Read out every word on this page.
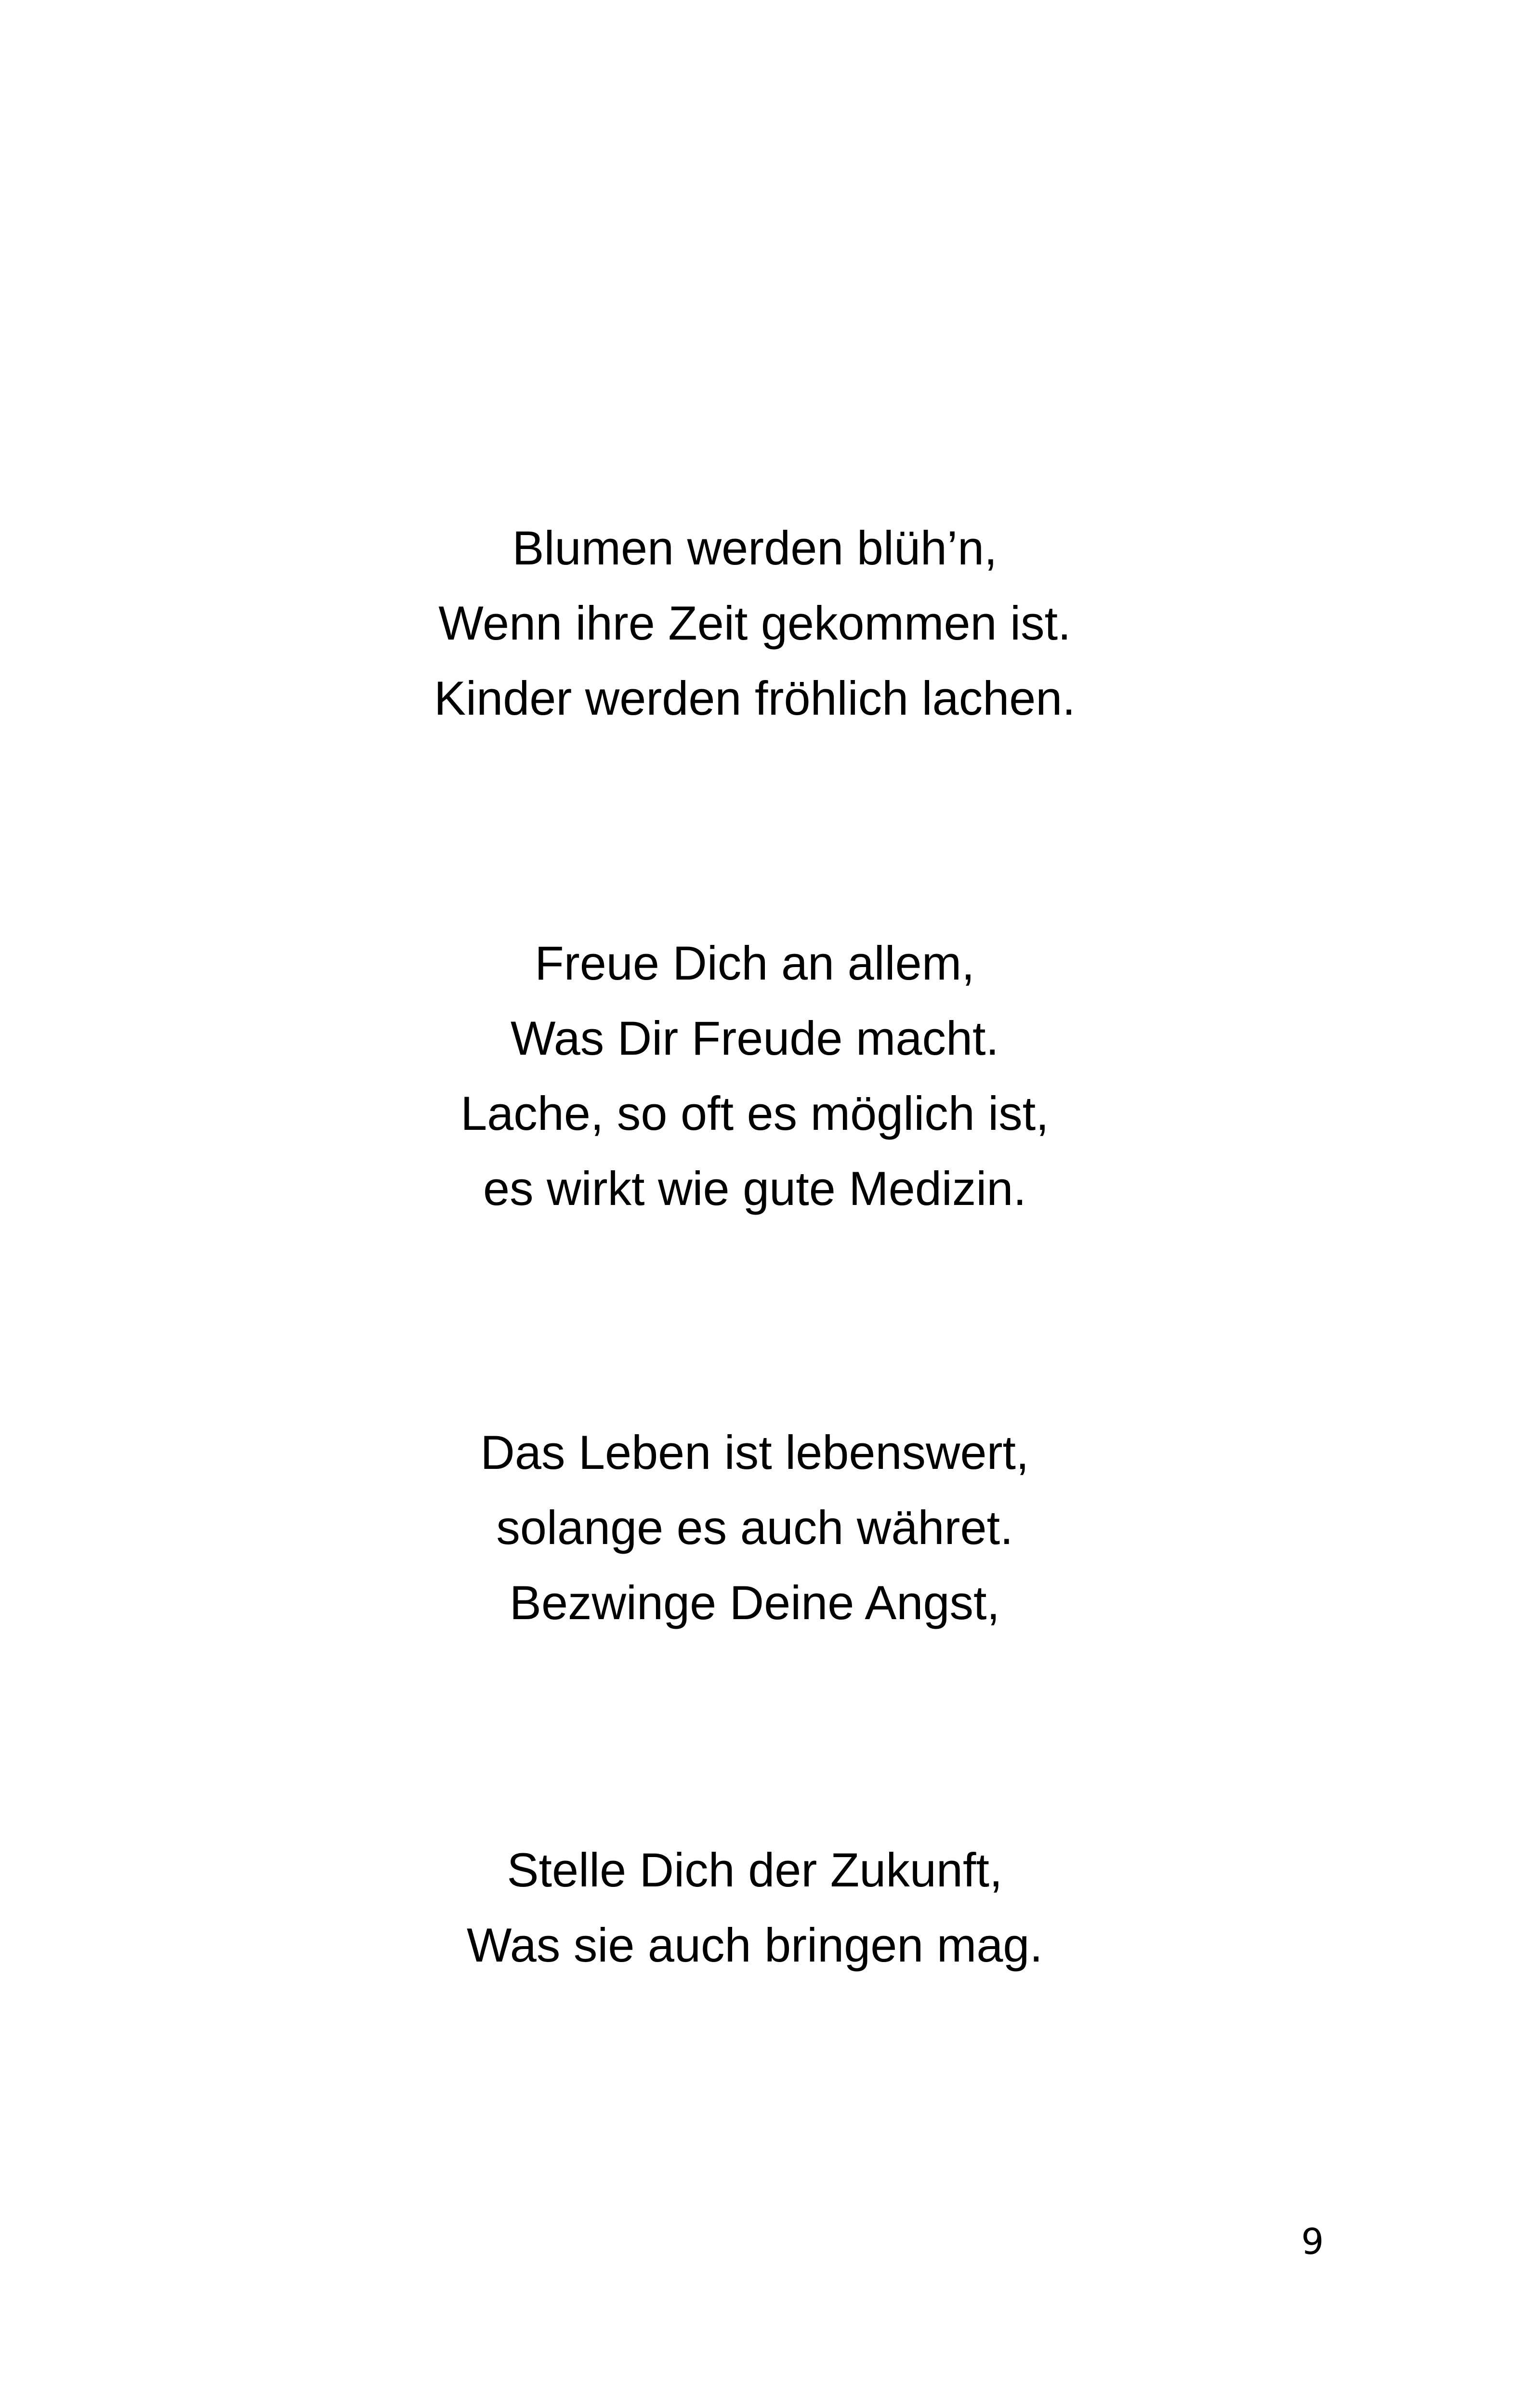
Blumen werden blüh’n,
Wenn ihre Zeit gekommen ist.
Kinder werden fröhlich lachen.
Freue Dich an allem,
Was Dir Freude macht.
Lache, so oft es möglich ist,
es wirkt wie gute Medizin.
Das Leben ist lebenswert,
solange es auch währet.
Bezwinge Deine Angst,
Stelle Dich der Zukunft,
Was sie auch bringen mag.
9
